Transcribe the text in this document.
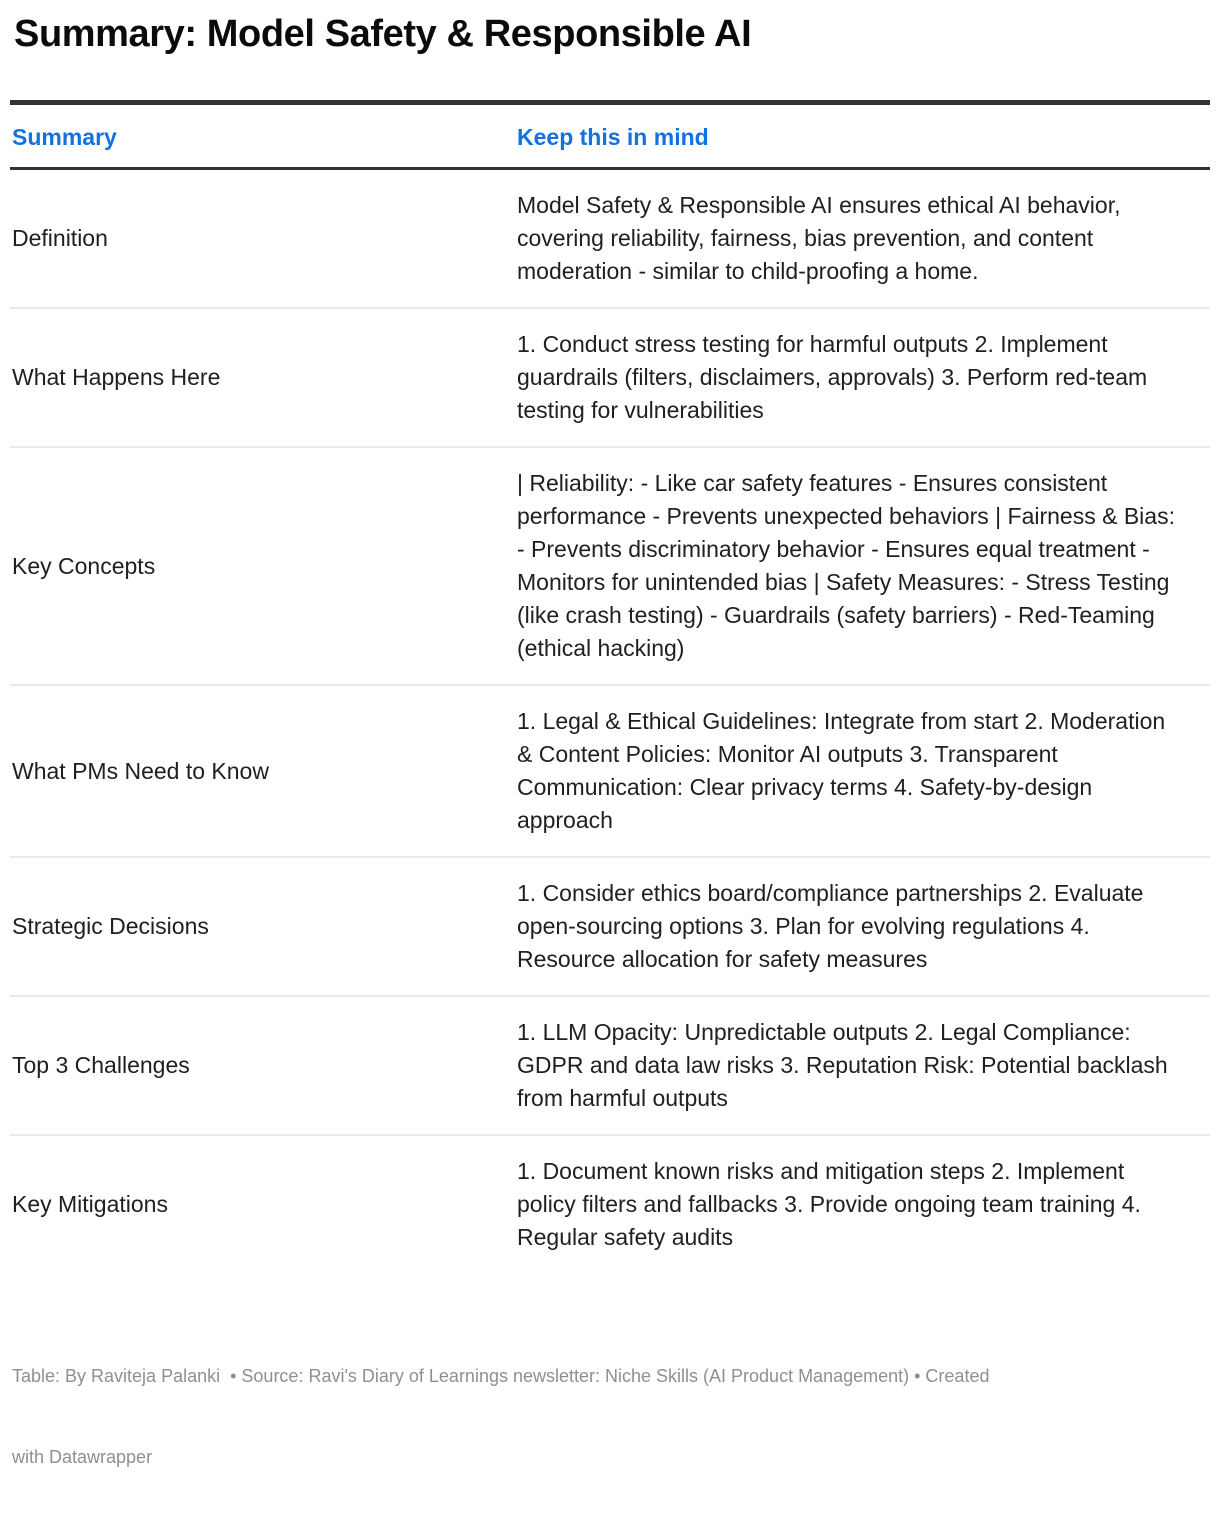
Summary: Model Safety & Responsible AI
Summary	Keep this in mind
Definition	Model Safety & Responsible AI ensures ethical AI behavior, covering reliability, fairness, bias prevention, and content moderation - similar to child-proofing a home.
What Happens Here	1. Conduct stress testing for harmful outputs 2. Implement guardrails (filters, disclaimers, approvals) 3. Perform red-team testing for vulnerabilities
Key Concepts	| Reliability: - Like car safety features - Ensures consistent performance - Prevents unexpected behaviors | Fairness & Bias: - Prevents discriminatory behavior - Ensures equal treatment - Monitors for unintended bias | Safety Measures: - Stress Testing (like crash testing) - Guardrails (safety barriers) - Red-Teaming (ethical hacking)
What PMs Need to Know	1. Legal & Ethical Guidelines: Integrate from start 2. Moderation & Content Policies: Monitor AI outputs 3. Transparent Communication: Clear privacy terms 4. Safety-by-design approach
Strategic Decisions	1. Consider ethics board/compliance partnerships 2. Evaluate open-sourcing options 3. Plan for evolving regulations 4. Resource allocation for safety measures
Top 3 Challenges	1. LLM Opacity: Unpredictable outputs 2. Legal Compliance: GDPR and data law risks 3. Reputation Risk: Potential backlash from harmful outputs
Key Mitigations	1. Document known risks and mitigation steps 2. Implement policy filters and fallbacks 3. Provide ongoing team training 4. Regular safety audits

Table: By Raviteja Palanki  • Source: Ravi's Diary of Learnings newsletter: Niche Skills (AI Product Management) • Created

with Datawrapper
